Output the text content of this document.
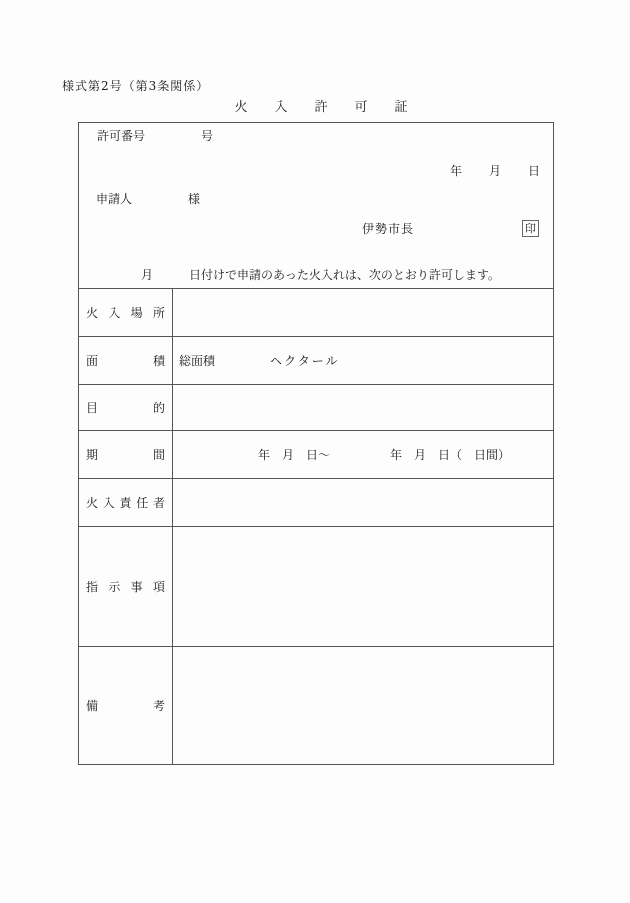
様式第2号（第3条関係）
火入許可証
許可番号	号
年　　月　　日
申請人	様
伊勢市長	印
月　　　日付けで申請のあった火入れは、次のとおり許可します。
火入場所
面積	総面積	ヘクタール
目的
期間	年　月　日～　　　　　年　月　日（　日間）
火入責任者
指示事項
備考
